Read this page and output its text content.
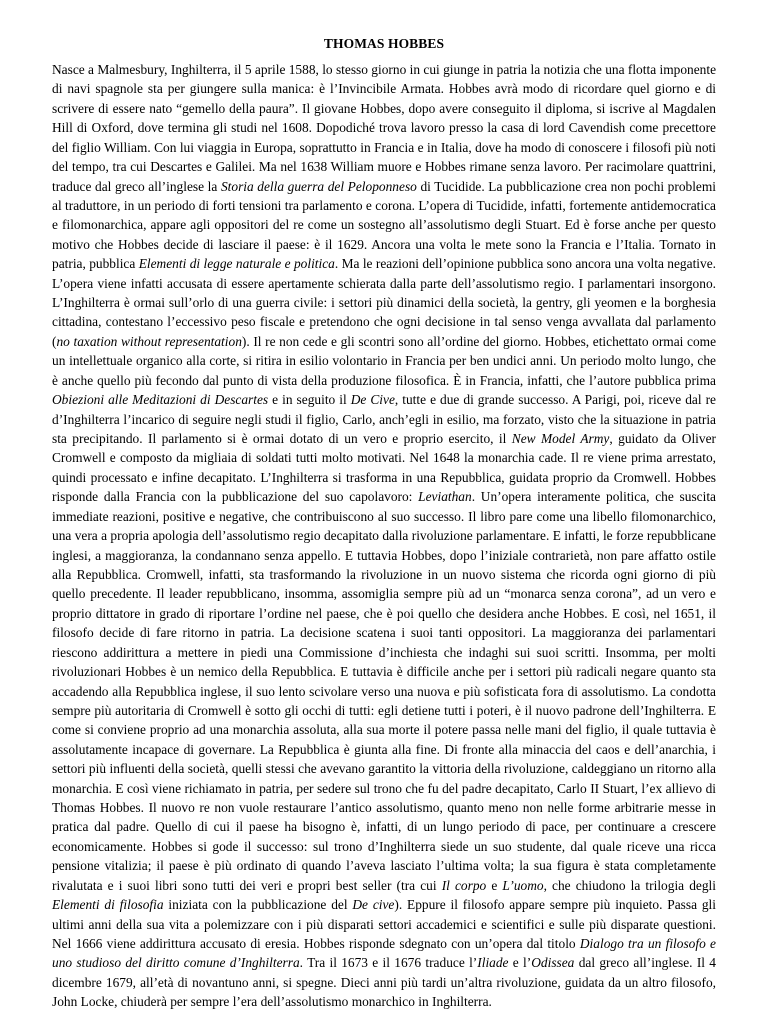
THOMAS HOBBES

Nasce a Malmesbury, Inghilterra, il 5 aprile 1588, lo stesso giorno in cui giunge in patria la notizia che una flotta imponente di navi spagnole sta per giungere sulla manica: è l’Invincibile Armata. Hobbes avrà modo di ricordare quel giorno e di scrivere di essere nato “gemello della paura”. Il giovane Hobbes, dopo avere conseguito il diploma, si iscrive al Magdalen Hill di Oxford, dove termina gli studi nel 1608. Dopodiché trova lavoro presso la casa di lord Cavendish come precettore del figlio William. Con lui viaggia in Europa, soprattutto in Francia e in Italia, dove ha modo di conoscere i filosofi più noti del tempo, tra cui Descartes e Galilei. Ma nel 1638 William muore e Hobbes rimane senza lavoro. Per racimolare quattrini, traduce dal greco all’inglese la Storia della guerra del Peloponneso di Tucidide. La pubblicazione crea non pochi problemi al traduttore, in un periodo di forti tensioni tra parlamento e corona. L’opera di Tucidide, infatti, fortemente antidemocratica e filomonarchica, appare agli oppositori del re come un sostegno all’assolutismo degli Stuart. Ed è forse anche per questo motivo che Hobbes decide di lasciare il paese: è il 1629. Ancora una volta le mete sono la Francia e l’Italia. Tornato in patria, pubblica Elementi di legge naturale e politica. Ma le reazioni dell’opinione pubblica sono ancora una volta negative. L’opera viene infatti accusata di essere apertamente schierata dalla parte dell’assolutismo regio. I parlamentari insorgono. L’Inghilterra è ormai sull’orlo di una guerra civile: i settori più dinamici della società, la gentry, gli yeomen e la borghesia cittadina, contestano l’eccessivo peso fiscale e pretendono che ogni decisione in tal senso venga avvallata dal parlamento (no taxation without representation). Il re non cede e gli scontri sono all’ordine del giorno. Hobbes, etichettato ormai come un intellettuale organico alla corte, si ritira in esilio volontario in Francia per ben undici anni. Un periodo molto lungo, che è anche quello più fecondo dal punto di vista della produzione filosofica. È in Francia, infatti, che l’autore pubblica prima Obiezioni alle Meditazioni di Descartes e in seguito il De Cive, tutte e due di grande successo. A Parigi, poi, riceve dal re d’Inghilterra l’incarico di seguire negli studi il figlio, Carlo, anch’egli in esilio, ma forzato, visto che la situazione in patria sta precipitando. Il parlamento si è ormai dotato di un vero e proprio esercito, il New Model Army, guidato da Oliver Cromwell e composto da migliaia di soldati tutti molto motivati. Nel 1648 la monarchia cade. Il re viene prima arrestato, quindi processato e infine decapitato. L’Inghilterra si trasforma in una Repubblica, guidata proprio da Cromwell. Hobbes risponde dalla Francia con la pubblicazione del suo capolavoro: Leviathan. Un’opera interamente politica, che suscita immediate reazioni, positive e negative, che contribuiscono al suo successo. Il libro pare come una libello filomonarchico, una vera a propria apologia dell’assolutismo regio decapitato dalla rivoluzione parlamentare. E infatti, le forze repubblicane inglesi, a maggioranza, la condannano senza appello. E tuttavia Hobbes, dopo l’iniziale contrarietà, non pare affatto ostile alla Repubblica. Cromwell, infatti, sta trasformando la rivoluzione in un nuovo sistema che ricorda ogni giorno di più quello precedente. Il leader repubblicano, insomma, assomiglia sempre più ad un “monarca senza corona”, ad un vero e proprio dittatore in grado di riportare l’ordine nel paese, che è poi quello che desidera anche Hobbes. E così, nel 1651, il filosofo decide di fare ritorno in patria. La decisione scatena i suoi tanti oppositori. La maggioranza dei parlamentari riescono addirittura a mettere in piedi una Commissione d’inchiesta che indaghi sui suoi scritti. Insomma, per molti rivoluzionari Hobbes è un nemico della Repubblica. E tuttavia è difficile anche per i settori più radicali negare quanto sta accadendo alla Repubblica inglese, il suo lento scivolare verso una nuova e più sofisticata fora di assolutismo. La condotta sempre più autoritaria di Cromwell è sotto gli occhi di tutti: egli detiene tutti i poteri, è il nuovo padrone dell’Inghilterra. E come si conviene proprio ad una monarchia assoluta, alla sua morte il potere passa nelle mani del figlio, il quale tuttavia è assolutamente incapace di governare. La Repubblica è giunta alla fine. Di fronte alla minaccia del caos e dell’anarchia, i settori più influenti della società, quelli stessi che avevano garantito la vittoria della rivoluzione, caldeggiano un ritorno alla monarchia. E così viene richiamato in patria, per sedere sul trono che fu del padre decapitato, Carlo II Stuart, l’ex allievo di Thomas Hobbes. Il nuovo re non vuole restaurare l’antico assolutismo, quanto meno non nelle forme arbitrarie messe in pratica dal padre. Quello di cui il paese ha bisogno è, infatti, di un lungo periodo di pace, per continuare a crescere economicamente. Hobbes si gode il successo: sul trono d’Inghilterra siede un suo studente, dal quale riceve una ricca pensione vitalizia; il paese è più ordinato di quando l’aveva lasciato l’ultima volta; la sua figura è stata completamente rivalutata e i suoi libri sono tutti dei veri e propri best seller (tra cui Il corpo e L’uomo, che chiudono la trilogia degli Elementi di filosofia iniziata con la pubblicazione del De cive). Eppure il filosofo appare sempre più inquieto. Passa gli ultimi anni della sua vita a polemizzare con i più disparati settori accademici e scientifici e sulle più disparate questioni. Nel 1666 viene addirittura accusato di eresia. Hobbes risponde sdegnato con un’opera dal titolo Dialogo tra un filosofo e uno studioso del diritto comune d’Inghilterra. Tra il 1673 e il 1676 traduce l’Iliade e l’Odissea dal greco all’inglese. Il 4 dicembre 1679, all’età di novantuno anni, si spegne. Dieci anni più tardi un’altra rivoluzione, guidata da un altro filosofo, John Locke, chiuderà per sempre l’era dell’assolutismo monarchico in Inghilterra.
